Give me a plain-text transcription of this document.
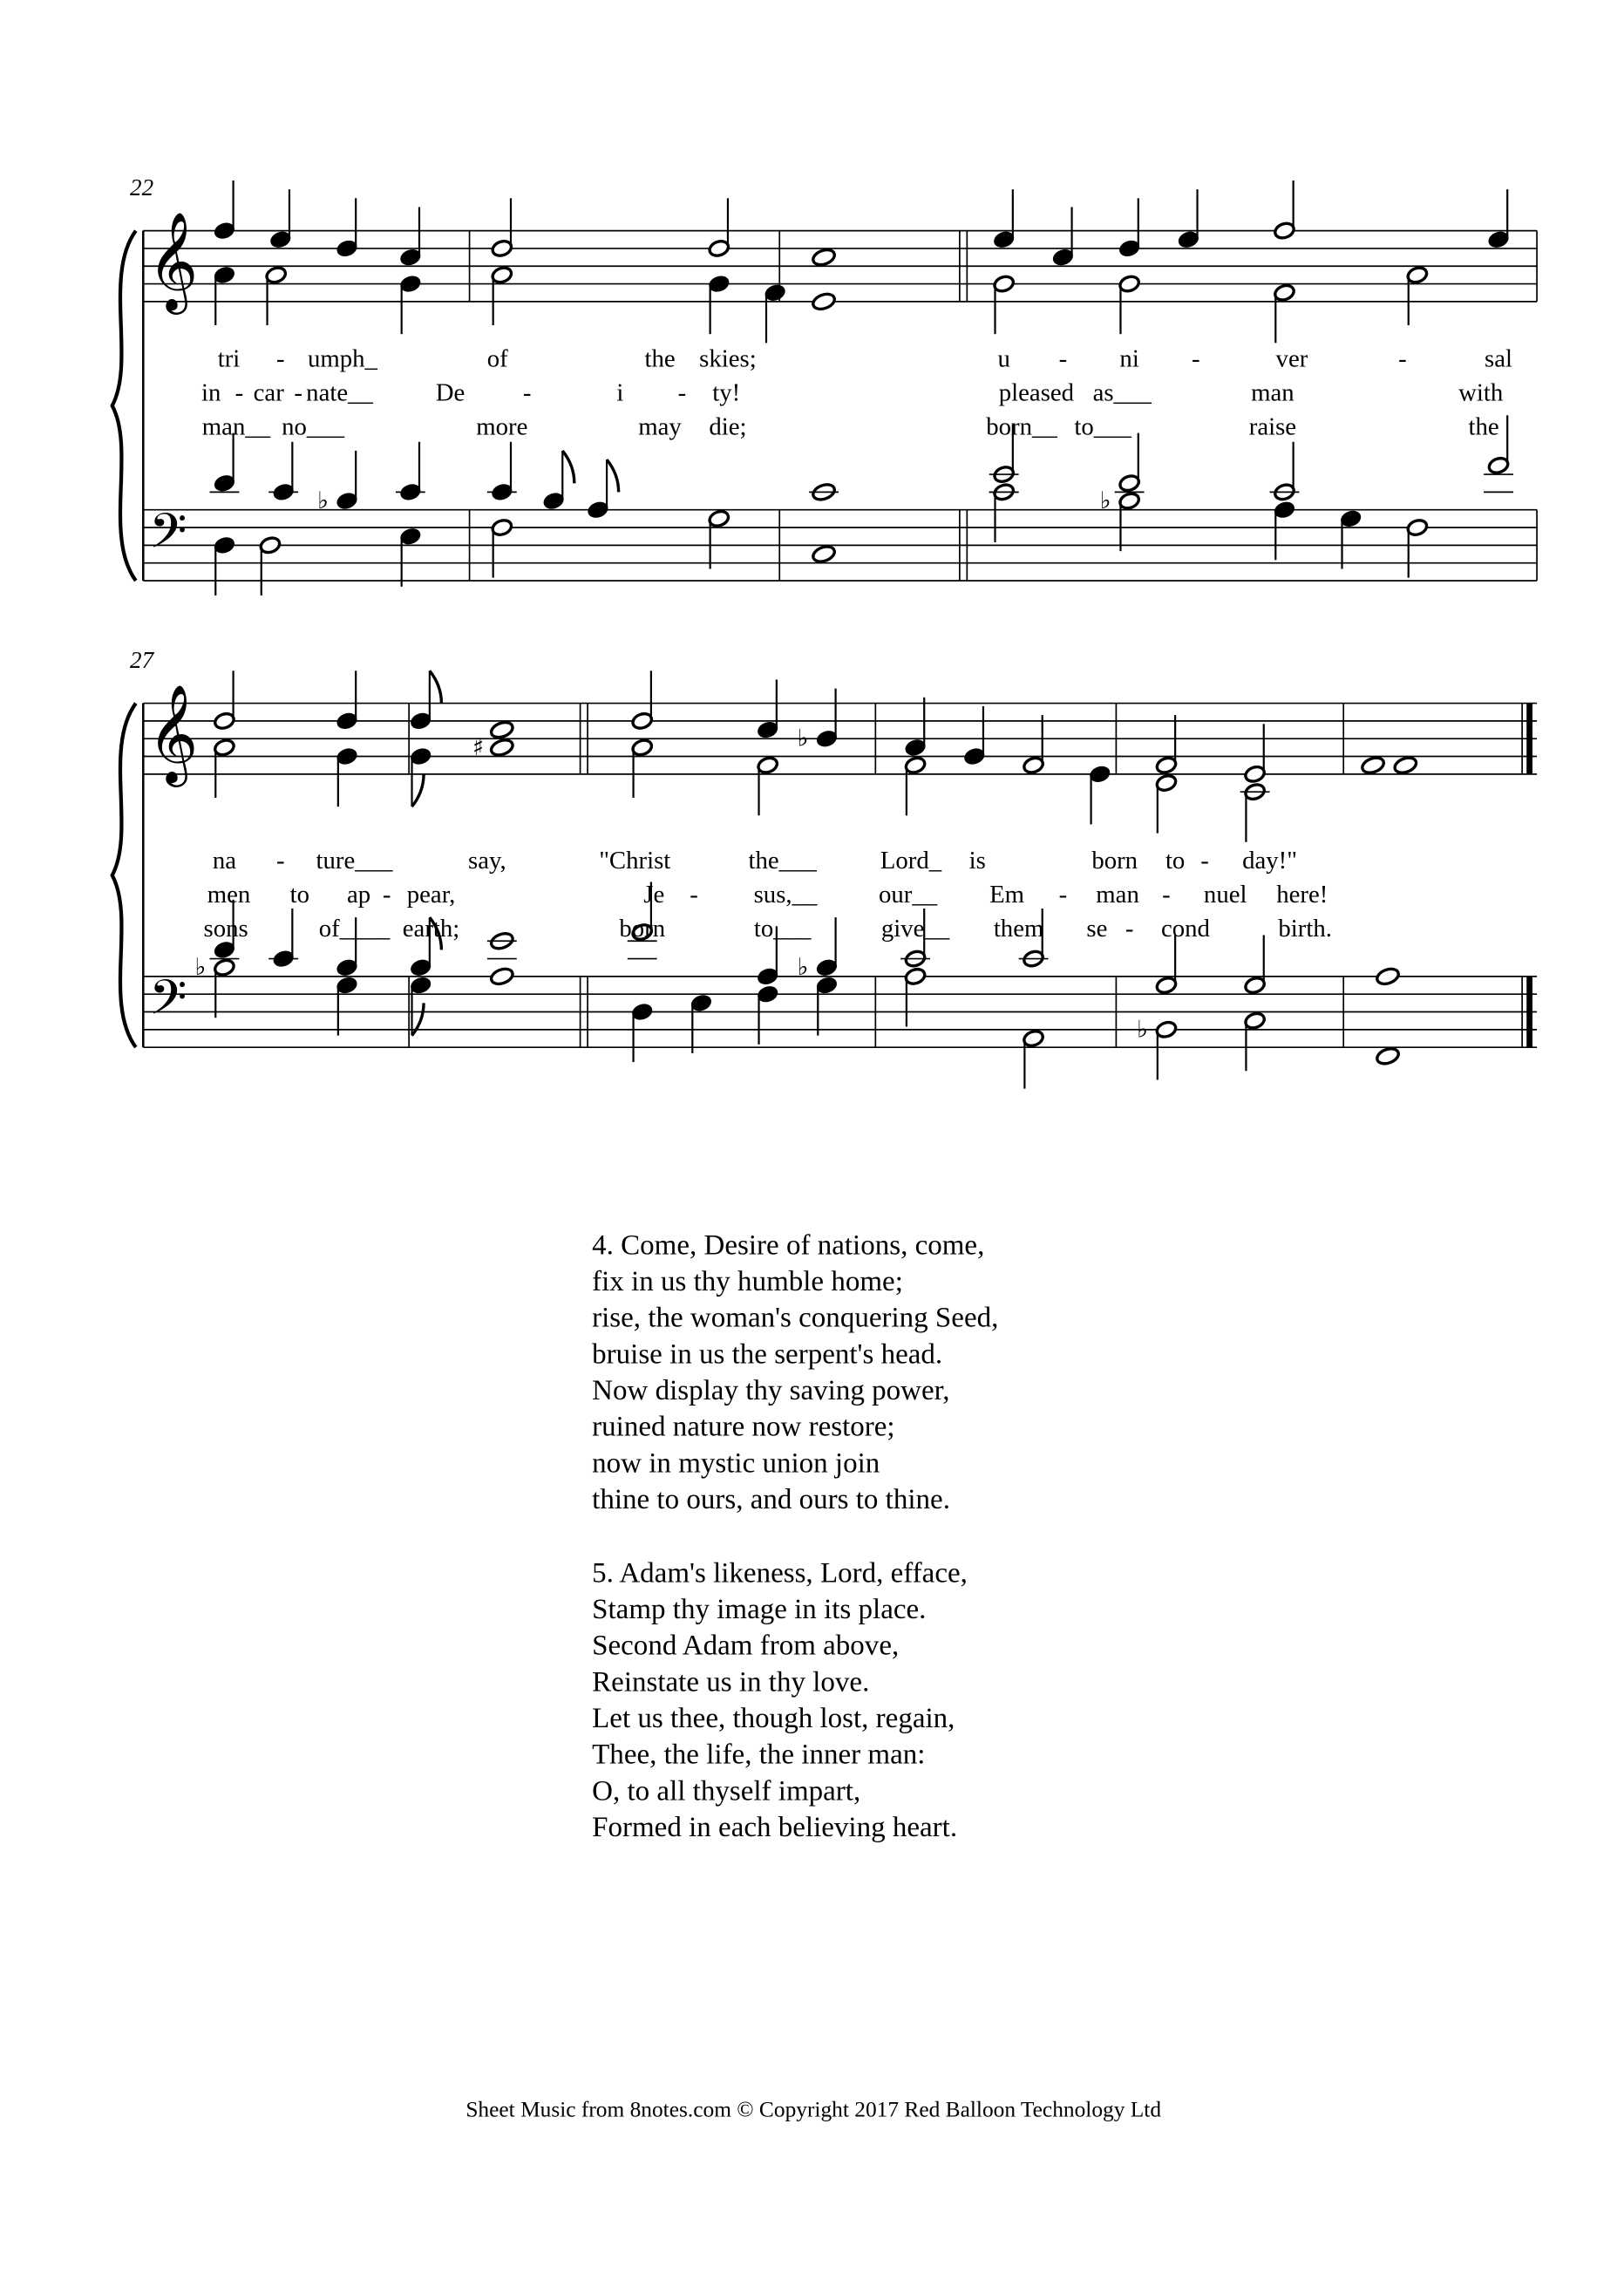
𝄞
𝄢
♭	♭
𝄞
𝄢
♯	♭
♭	♭
♭
22
27
tri - umph_	of	the skies;	u	-	ni	-	ver	-	sal
in - car - nate__	De	-	i	- ty!	pleased as___	man	with
man__ no___	more	may die;	born__ to___	raise	the
na	- ture___	say,	"Christ	the___	Lord_ is	born to - day!"
men	to	ap - pear,	Je -	sus,__	our__	Em - man - nuel here!
sons	of____ earth;	born	to___	give__	them	se - cond	birth.
4. Come, Desire of nations, come,
fix in us thy humble home;
rise, the woman's conquering Seed,
bruise in us the serpent's head.
Now display thy saving power,
ruined nature now restore;
now in mystic union join
thine to ours, and ours to thine.
5. Adam's likeness, Lord, efface,
Stamp thy image in its place.
Second Adam from above,
Reinstate us in thy love.
Let us thee, though lost, regain,
Thee, the life, the inner man:
O, to all thyself impart,
Formed in each believing heart.
Sheet Music from 8notes.com © Copyright 2017 Red Balloon Technology Ltd
